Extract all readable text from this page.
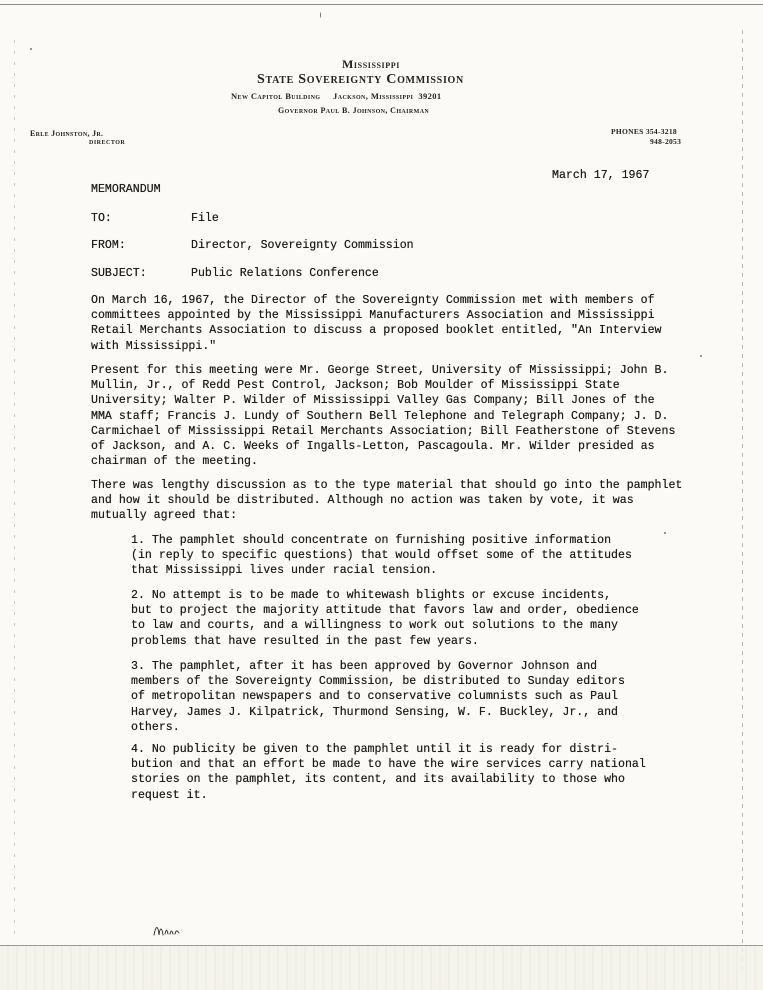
Mississippi
State Sovereignty Commission
New Capitol Building     Jackson, Mississippi  39201
Governor Paul B. Johnson, Chairman
Erle Johnston, Jr.
DIRECTOR
PHONES 354-3218
948-2053
March 17, 1967
MEMORANDUM
TO:	File
FROM:	Director, Sovereignty Commission
SUBJECT:	Public Relations Conference
On March 16, 1967, the Director of the Sovereignty Commission met with members of
committees appointed by the Mississippi Manufacturers Association and Mississippi
Retail Merchants Association to discuss a proposed booklet entitled, "An Interview
with Mississippi."
Present for this meeting were Mr. George Street, University of Mississippi; John B.
Mullin, Jr., of Redd Pest Control, Jackson; Bob Moulder of Mississippi State
University; Walter P. Wilder of Mississippi Valley Gas Company; Bill Jones of the
MMA staff; Francis J. Lundy of Southern Bell Telephone and Telegraph Company; J. D.
Carmichael of Mississippi Retail Merchants Association; Bill Featherstone of Stevens
of Jackson, and A. C. Weeks of Ingalls-Letton, Pascagoula. Mr. Wilder presided as
chairman of the meeting.
There was lengthy discussion as to the type material that should go into the pamphlet
and how it should be distributed. Although no action was taken by vote, it was
mutually agreed that:
1. The pamphlet should concentrate on furnishing positive information
(in reply to specific questions) that would offset some of the attitudes
that Mississippi lives under racial tension.
2. No attempt is to be made to whitewash blights or excuse incidents,
but to project the majority attitude that favors law and order, obedience
to law and courts, and a willingness to work out solutions to the many
problems that have resulted in the past few years.
3. The pamphlet, after it has been approved by Governor Johnson and
members of the Sovereignty Commission, be distributed to Sunday editors
of metropolitan newspapers and to conservative columnists such as Paul
Harvey, James J. Kilpatrick, Thurmond Sensing, W. F. Buckley, Jr., and
others.
4. No publicity be given to the pamphlet until it is ready for distri-
bution and that an effort be made to have the wire services carry national
stories on the pamphlet, its content, and its availability to those who
request it.
